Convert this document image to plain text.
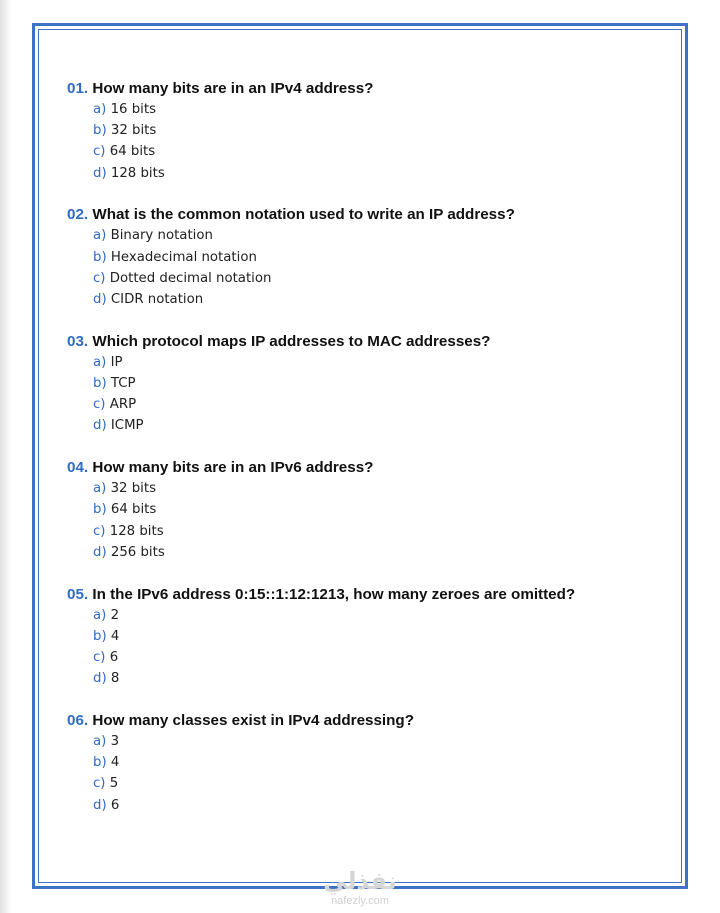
01. How many bits are in an IPv4 address?
a) 16 bits
b) 32 bits
c) 64 bits
d) 128 bits
02. What is the common notation used to write an IP address?
a) Binary notation
b) Hexadecimal notation
c) Dotted decimal notation
d) CIDR notation
03. Which protocol maps IP addresses to MAC addresses?
a) IP
b) TCP
c) ARP
d) ICMP
04. How many bits are in an IPv6 address?
a) 32 bits
b) 64 bits
c) 128 bits
d) 256 bits
05. In the IPv6 address 0:15::1:12:1213, how many zeroes are omitted?
a) 2
b) 4
c) 6
d) 8
06. How many classes exist in IPv4 addressing?
a) 3
b) 4
c) 5
d) 6
نفذلي
nafezly.com
